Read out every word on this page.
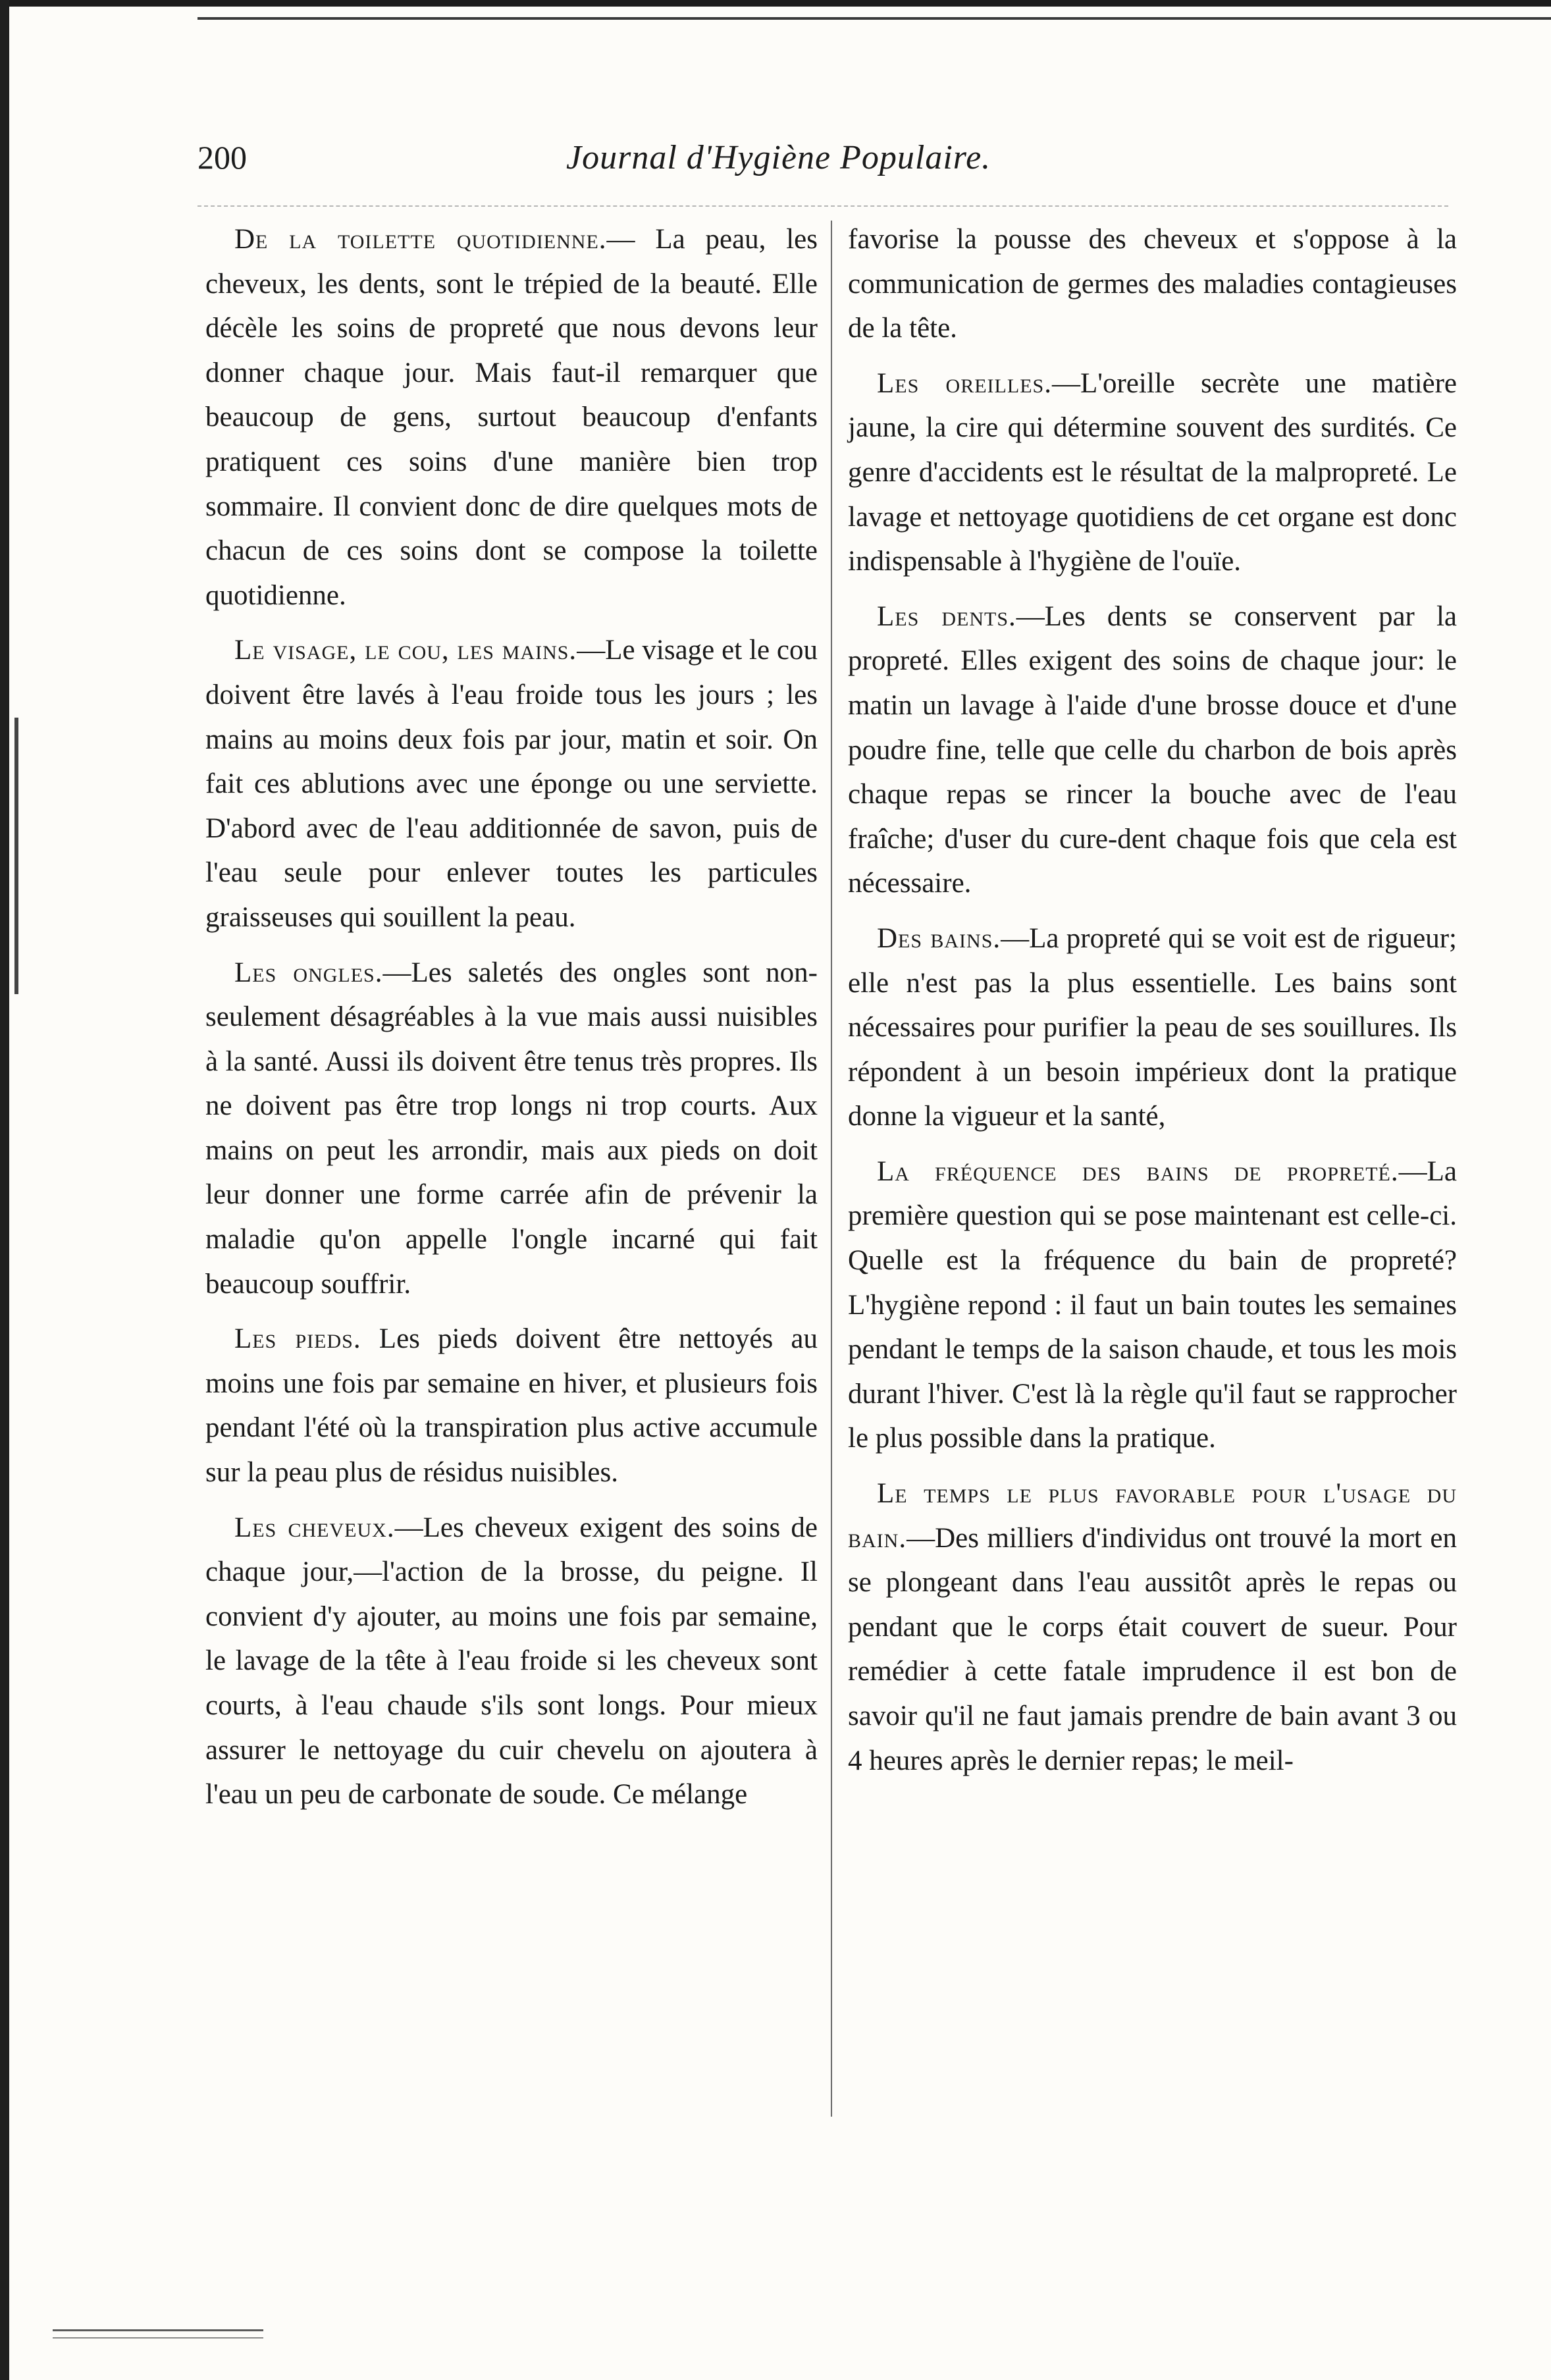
200	Journal d'Hygiène Populaire.

De la toilette quotidienne.— La peau, les cheveux, les dents, sont le trépied de la beauté. Elle décèle les soins de propreté que nous devons leur donner chaque jour. Mais faut-il remarquer que beaucoup de gens, surtout beaucoup d'enfants pratiquent ces soins d'une manière bien trop sommaire. Il convient donc de dire quelques mots de chacun de ces soins dont se compose la toilette quotidienne.

Le visage, le cou, les mains.—Le visage et le cou doivent être lavés à l'eau froide tous les jours ; les mains au moins deux fois par jour, matin et soir. On fait ces ablutions avec une éponge ou une serviette. D'abord avec de l'eau additionnée de savon, puis de l'eau seule pour enlever toutes les particules graisseuses qui souillent la peau.

Les ongles.—Les saletés des ongles sont non-seulement désagréables à la vue mais aussi nuisibles à la santé. Aussi ils doivent être tenus très propres. Ils ne doivent pas être trop longs ni trop courts. Aux mains on peut les arrondir, mais aux pieds on doit leur donner une forme carrée afin de prévenir la maladie qu'on appelle l'ongle incarné qui fait beaucoup souffrir.

Les pieds. Les pieds doivent être nettoyés au moins une fois par semaine en hiver, et plusieurs fois pendant l'été où la transpiration plus active accumule sur la peau plus de résidus nuisibles.

Les cheveux.—Les cheveux exigent des soins de chaque jour,—l'action de la brosse, du peigne. Il convient d'y ajouter, au moins une fois par semaine, le lavage de la tête à l'eau froide si les cheveux sont courts, à l'eau chaude s'ils sont longs. Pour mieux assurer le nettoyage du cuir chevelu on ajoutera à l'eau un peu de carbonate de soude. Ce mélange

favorise la pousse des cheveux et s'oppose à la communication de germes des maladies contagieuses de la tête.

Les oreilles.—L'oreille secrète une matière jaune, la cire qui détermine souvent des surdités. Ce genre d'accidents est le résultat de la malpropreté. Le lavage et nettoyage quotidiens de cet organe est donc indispensable à l'hygiène de l'ouïe.

Les dents.—Les dents se conservent par la propreté. Elles exigent des soins de chaque jour: le matin un lavage à l'aide d'une brosse douce et d'une poudre fine, telle que celle du charbon de bois après chaque repas se rincer la bouche avec de l'eau fraîche; d'user du cure-dent chaque fois que cela est nécessaire.

Des bains.—La propreté qui se voit est de rigueur; elle n'est pas la plus essentielle. Les bains sont nécessaires pour purifier la peau de ses souillures. Ils répondent à un besoin impérieux dont la pratique donne la vigueur et la santé,

La fréquence des bains de propreté.—La première question qui se pose maintenant est celle-ci. Quelle est la fréquence du bain de propreté? L'hygiène repond : il faut un bain toutes les semaines pendant le temps de la saison chaude, et tous les mois durant l'hiver. C'est là la règle qu'il faut se rapprocher le plus possible dans la pratique.

Le temps le plus favorable pour l'usage du bain.—Des milliers d'individus ont trouvé la mort en se plongeant dans l'eau aussitôt après le repas ou pendant que le corps était couvert de sueur. Pour remédier à cette fatale imprudence il est bon de savoir qu'il ne faut jamais prendre de bain avant 3 ou 4 heures après le dernier repas; le meil-
